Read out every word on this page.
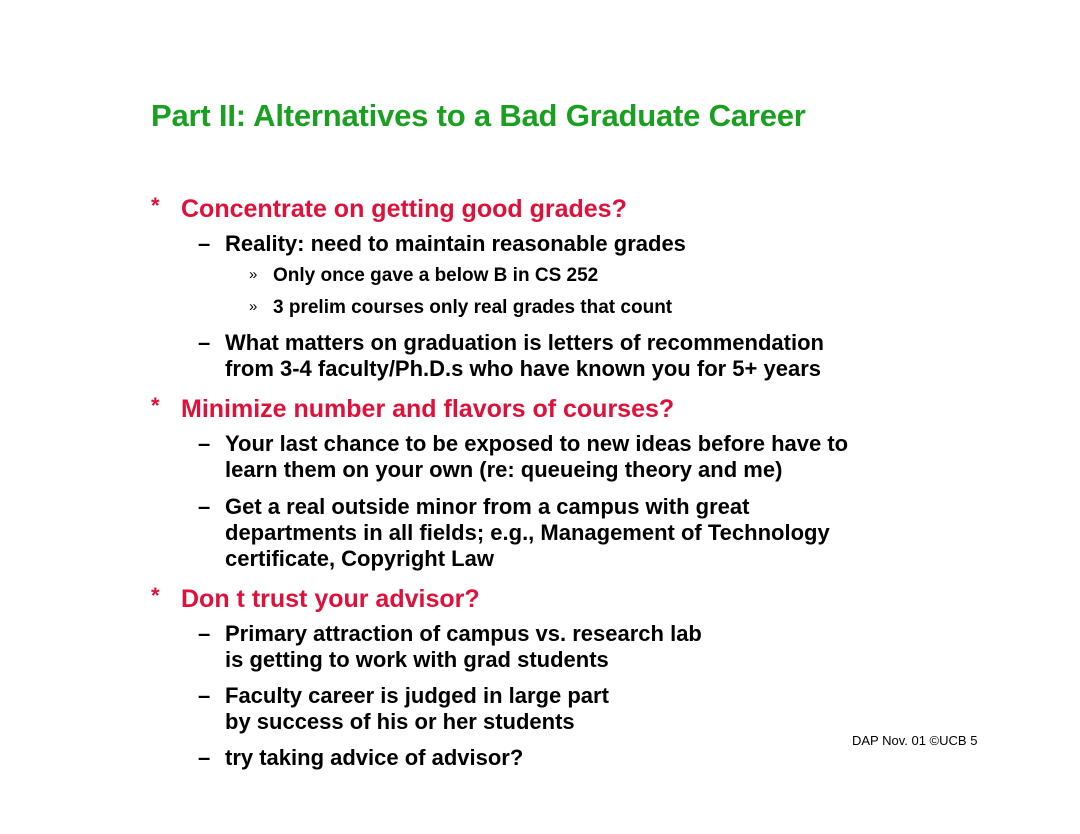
Part II: Alternatives to a Bad Graduate Career
* Concentrate on getting good grades?
– Reality: need to maintain reasonable grades
» Only once gave a below B in CS 252
» 3 prelim courses only real grades that count
– What matters on graduation is letters of recommendation
from 3-4 faculty/Ph.D.s who have known you for 5+ years
* Minimize number and flavors of courses?
– Your last chance to be exposed to new ideas before have to
learn them on your own (re: queueing theory and me)
– Get a real outside minor from a campus with great
departments in all fields; e.g., Management of Technology
certificate, Copyright Law
* Don t trust your advisor?
– Primary attraction of campus vs. research lab
is getting to work with grad students
– Faculty career is judged in large part
by success of his or her students
– try taking advice of advisor?
DAP Nov. 01 ©UCB 5
